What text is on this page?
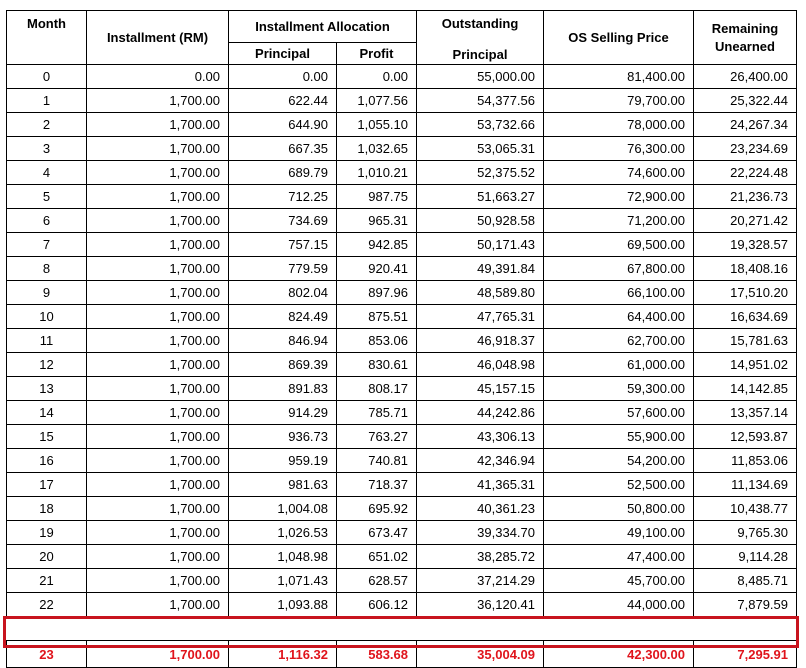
Month	Installment (RM)	Installment Allocation		Outstanding	OS Selling Price	Remaining Unearned
		Principal	Profit	Principal		
0	0.00	0.00	0.00	55,000.00	81,400.00	26,400.00
1	1,700.00	622.44	1,077.56	54,377.56	79,700.00	25,322.44
2	1,700.00	644.90	1,055.10	53,732.66	78,000.00	24,267.34
3	1,700.00	667.35	1,032.65	53,065.31	76,300.00	23,234.69
4	1,700.00	689.79	1,010.21	52,375.52	74,600.00	22,224.48
5	1,700.00	712.25	987.75	51,663.27	72,900.00	21,236.73
6	1,700.00	734.69	965.31	50,928.58	71,200.00	20,271.42
7	1,700.00	757.15	942.85	50,171.43	69,500.00	19,328.57
8	1,700.00	779.59	920.41	49,391.84	67,800.00	18,408.16
9	1,700.00	802.04	897.96	48,589.80	66,100.00	17,510.20
10	1,700.00	824.49	875.51	47,765.31	64,400.00	16,634.69
11	1,700.00	846.94	853.06	46,918.37	62,700.00	15,781.63
12	1,700.00	869.39	830.61	46,048.98	61,000.00	14,951.02
13	1,700.00	891.83	808.17	45,157.15	59,300.00	14,142.85
14	1,700.00	914.29	785.71	44,242.86	57,600.00	13,357.14
15	1,700.00	936.73	763.27	43,306.13	55,900.00	12,593.87
16	1,700.00	959.19	740.81	42,346.94	54,200.00	11,853.06
17	1,700.00	981.63	718.37	41,365.31	52,500.00	11,134.69
18	1,700.00	1,004.08	695.92	40,361.23	50,800.00	10,438.77
19	1,700.00	1,026.53	673.47	39,334.70	49,100.00	9,765.30
20	1,700.00	1,048.98	651.02	38,285.72	47,400.00	9,114.28
21	1,700.00	1,071.43	628.57	37,214.29	45,700.00	8,485.71
22	1,700.00	1,093.88	606.12	36,120.41	44,000.00	7,879.59

23	1,700.00	1,116.32	583.68	35,004.09	42,300.00	7,295.91
